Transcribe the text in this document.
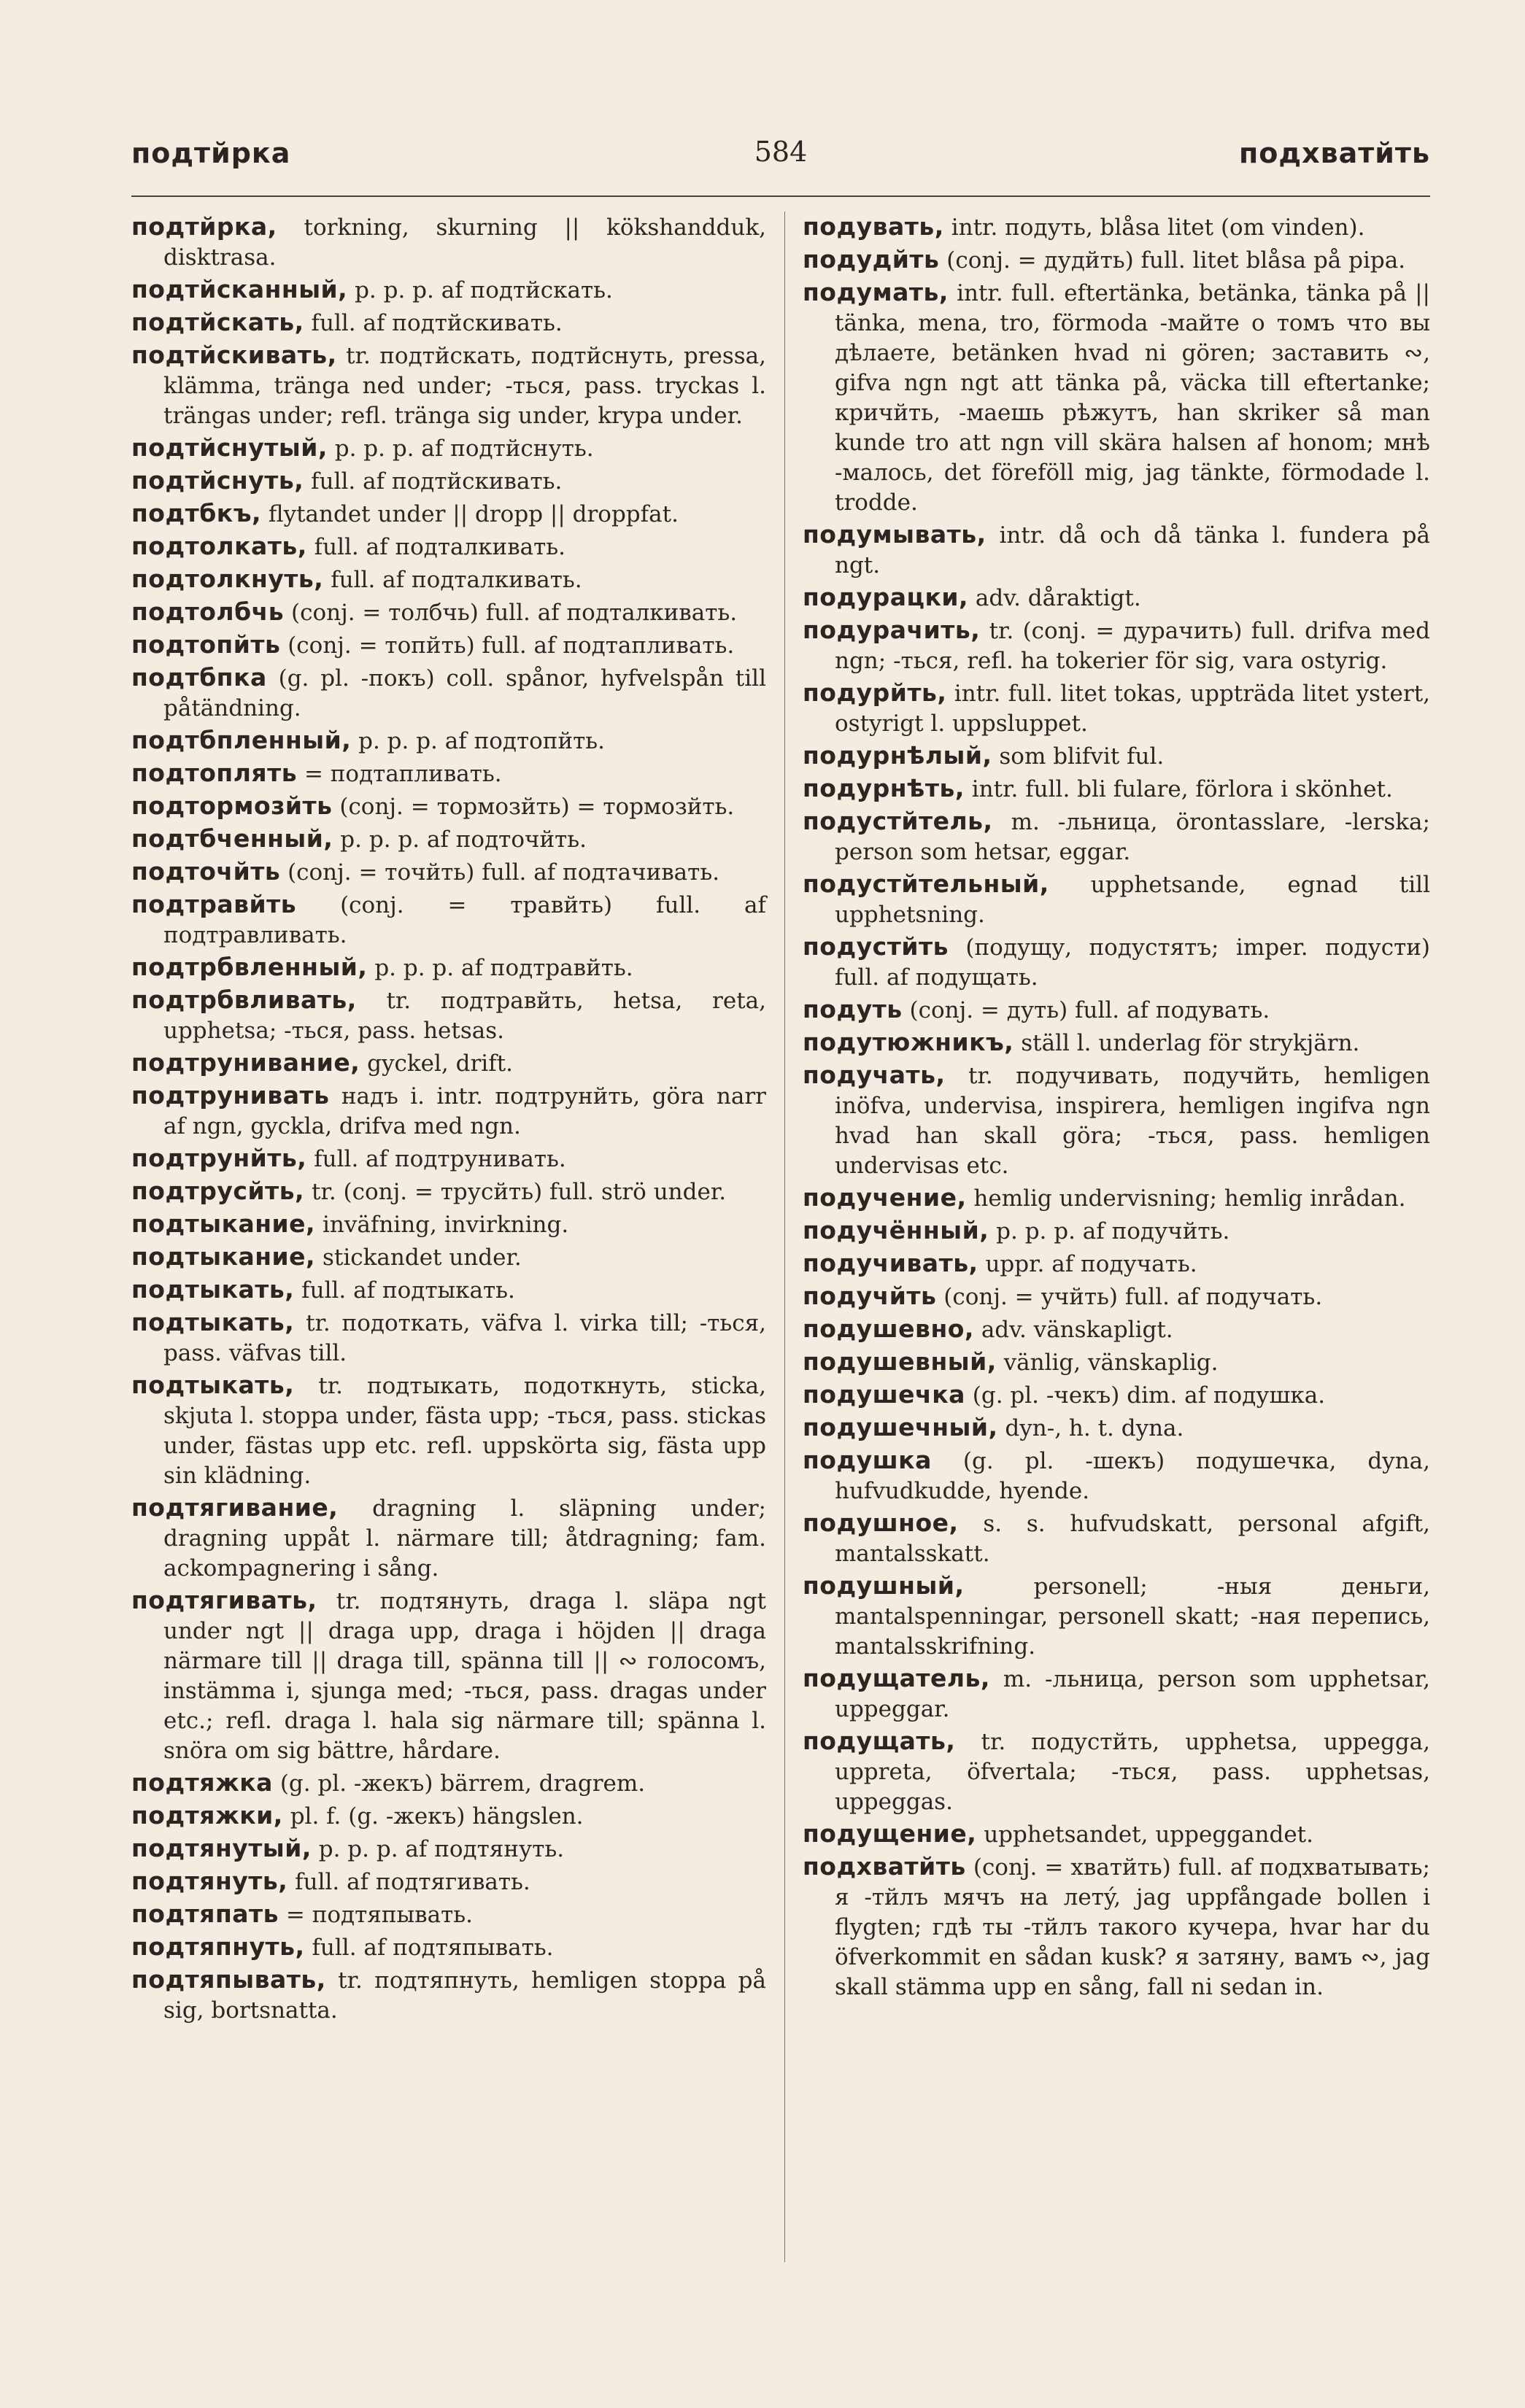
подтйрка	584	подхватйть

подтйрка, torkning, skurning || kökshandduk, disktrasa.

подтйсканный, p. p. p. af подтйскать.

подтйскать, full. af подтйскивать.

подтйскивать, tr. подтйскать, подтйснуть, pressa, klämma, tränga ned under; -ться, pass. tryckas l. trängas under; refl. tränga sig under, krypa under.

подтйснутый, p. p. p. af подтйснуть.

подтйснуть, full. af подтйскивать.

подтбкъ, flytandet under || dropp || droppfat.

подтолкать, full. af подталкивать.

подтолкнуть, full. af подталкивать.

подтолбчь (conj. = толбчь) full. af подталкивать.

подтопйть (conj. = топйть) full. af подтапливать.

подтбпка (g. pl. -покъ) coll. spånor, hyfvelspån till påtändning.

подтбпленный, p. p. p. af подтопйть.

подтоплять = подтапливать.

подтормозйть (conj. = тормозйть) = тормозйть.

подтбченный, p. p. p. af подточйть.

подточйть (conj. = точйть) full. af подтачивать.

подтравйть (conj. = травйть) full. af подтравливать.

подтрбвленный, p. p. p. af подтравйть.

подтрбвливать, tr. подтравйть, hetsa, reta, upphetsa; -ться, pass. hetsas.

подтрунивание, gyckel, drift.

подтрунивать надъ i. intr. подтрунйть, göra narr af ngn, gyckla, drifva med ngn.

подтрунйть, full. af подтрунивать.

подтрусйть, tr. (conj. = трусйть) full. strö under.

подтыкание, inväfning, invirkning.

подтыкание, stickandet under.

подтыкать, full. af подтыкать.

подтыкать, tr. подоткать, väfva l. virka till; -ться, pass. väfvas till.

подтыкать, tr. подтыкать, подоткнуть, sticka, skjuta l. stoppa under, fästa upp; -ться, pass. stickas under, fästas upp etc. refl. uppskörta sig, fästa upp sin klädning.

подтягивание, dragning l. släpning under; dragning uppåt l. närmare till; åtdragning; fam. ackompagnering i sång.

подтягивать, tr. подтянуть, draga l. släpa ngt under ngt || draga upp, draga i höjden || draga närmare till || draga till, spänna till || ∾ голосомъ, instämma i, sjunga med; -ться, pass. dragas under etc.; refl. draga l. hala sig närmare till; spänna l. snöra om sig bättre, hårdare.

подтяжка (g. pl. -жекъ) bärrem, dragrem.

подтяжки, pl. f. (g. -жекъ) hängslen.

подтянутый, p. p. p. af подтянуть.

подтянуть, full. af подтягивать.

подтяпать = подтяпывать.

подтяпнуть, full. af подтяпывать.

подтяпывать, tr. подтяпнуть, hemligen stoppa på sig, bortsnatta.

подувать, intr. подуть, blåsa litet (om vinden).

подудйть (conj. = дудйть) full. litet blåsa på pipa.

подумать, intr. full. eftertänka, betänka, tänka på || tänka, mena, tro, förmoda -майте о томъ что вы дѣлаете, betänken hvad ni gören; заставить ∾, gifva ngn ngt att tänka på, väcka till eftertanke; кричйть, -маешь рѣжутъ, han skriker så man kunde tro att ngn vill skära halsen af honom; мнѣ -малось, det föreföll mig, jag tänkte, förmodade l. trodde.

подумывать, intr. då och då tänka l. fundera på ngt.

подурацки, adv. dåraktigt.

подурачить, tr. (conj. = дурачить) full. drifva med ngn; -ться, refl. ha tokerier för sig, vara ostyrig.

подурйть, intr. full. litet tokas, uppträda litet ystert, ostyrigt l. uppsluppet.

подурнѣлый, som blifvit ful.

подурнѣть, intr. full. bli fulare, förlora i skönhet.

подустйтель, m. -льница, örontasslare, -lerska; person som hetsar, eggar.

подустйтельный, upphetsande, egnad till upphetsning.

подустйть (подущу, подустятъ; imper. подусти) full. af подущать.

подуть (conj. = дуть) full. af подувать.

подутюжникъ, ställ l. underlag för strykjärn.

подучать, tr. подучивать, подучйть, hemligen inöfva, undervisa, inspirera, hemligen ingifva ngn hvad han skall göra; -ться, pass. hemligen undervisas etc.

подучение, hemlig undervisning; hemlig inrådan.

подучённый, p. p. p. af подучйть.

подучивать, uppr. af подучать.

подучйть (conj. = учйть) full. af подучать.

подушевно, adv. vänskapligt.

подушевный, vänlig, vänskaplig.

подушечка (g. pl. -чекъ) dim. af подушка.

подушечный, dyn-, h. t. dyna.

подушка (g. pl. -шекъ) подушечка, dyna, hufvudkudde, hyende.

подушное, s. s. hufvudskatt, personal afgift, mantalsskatt.

подушный,	personell; -ныя деньги, mantalspenningar, personell skatt; -ная перепись, mantalsskrifning.

подущатель, m. -льница, person som upphetsar, uppeggar.

подущать, tr. подустйть, upphetsa, uppegga, uppreta, öfvertala; -ться, pass. upphetsas, uppeggas.

подущение, upphetsandet, uppeggandet.

подхватйть (conj. = хватйть) full. af подхватывать; я -тйлъ мячъ на летý, jag uppfångade bollen i flygten; гдѣ ты -тйлъ такого кучера, hvar har du öfverkommit en sådan kusk? я затяну, вамъ ∾, jag skall stämma upp en sång, fall ni sedan in.
